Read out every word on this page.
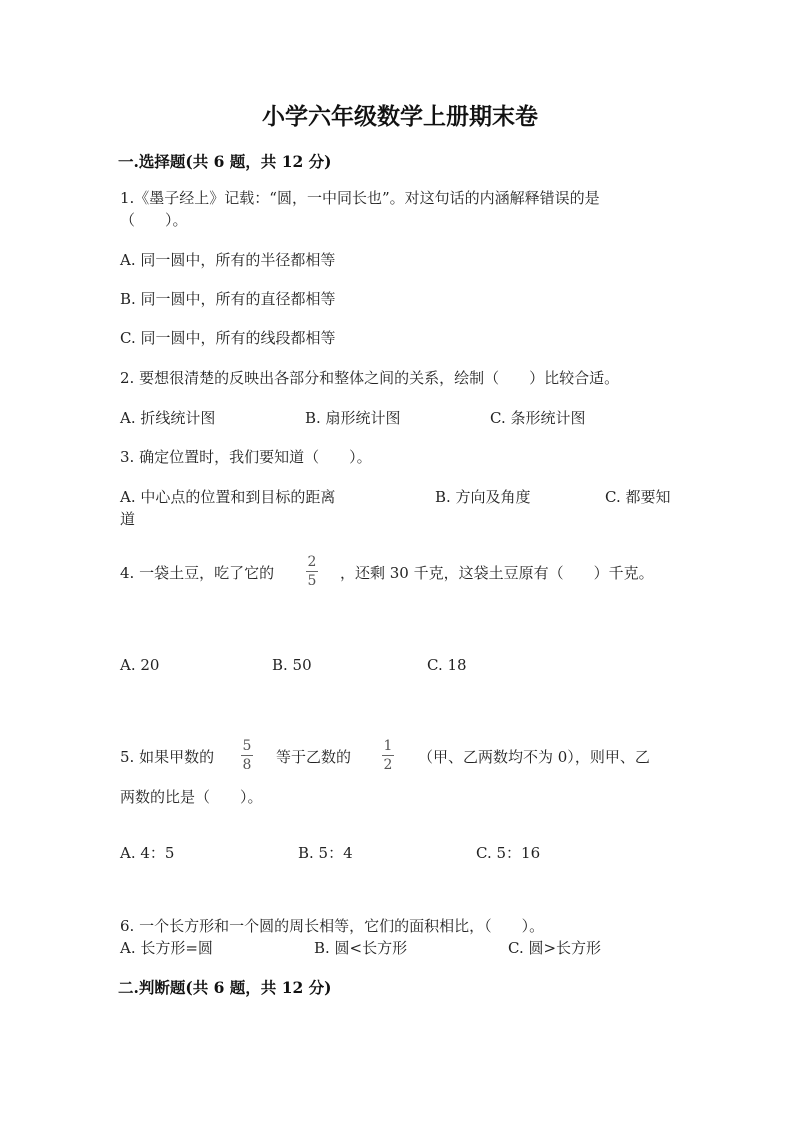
小学六年级数学上册期末卷
一.选择题(共 6 题，共 12 分)
1.《墨子经上》记载：“圆，一中同长也”。对这句话的内涵解释错误的是
（　　）。
A. 同一圆中，所有的半径都相等
B. 同一圆中，所有的直径都相等
C. 同一圆中，所有的线段都相等
2. 要想很清楚的反映出各部分和整体之间的关系，绘制（　　）比较合适。
A. 折线统计图	B. 扇形统计图	C. 条形统计图
3. 确定位置时，我们要知道（　　）。
A. 中心点的位置和到目标的距离	B. 方向及角度	C. 都要知
道
4. 一袋土豆，吃了它的
2
5 ，还剩 30 千克，这袋土豆原有（　　）千克。
A. 20	B. 50	C. 18
5. 如果甲数的
5
8 等于乙数的
1
2 （甲、乙两数均不为 0），则甲、乙
两数的比是（　　）。
A. 4：5	B. 5：4	C. 5：16
6. 一个长方形和一个圆的周长相等，它们的面积相比，（　　）。
A. 长方形=圆	B. 圆<长方形	C. 圆>长方形
二.判断题(共 6 题，共 12 分)
